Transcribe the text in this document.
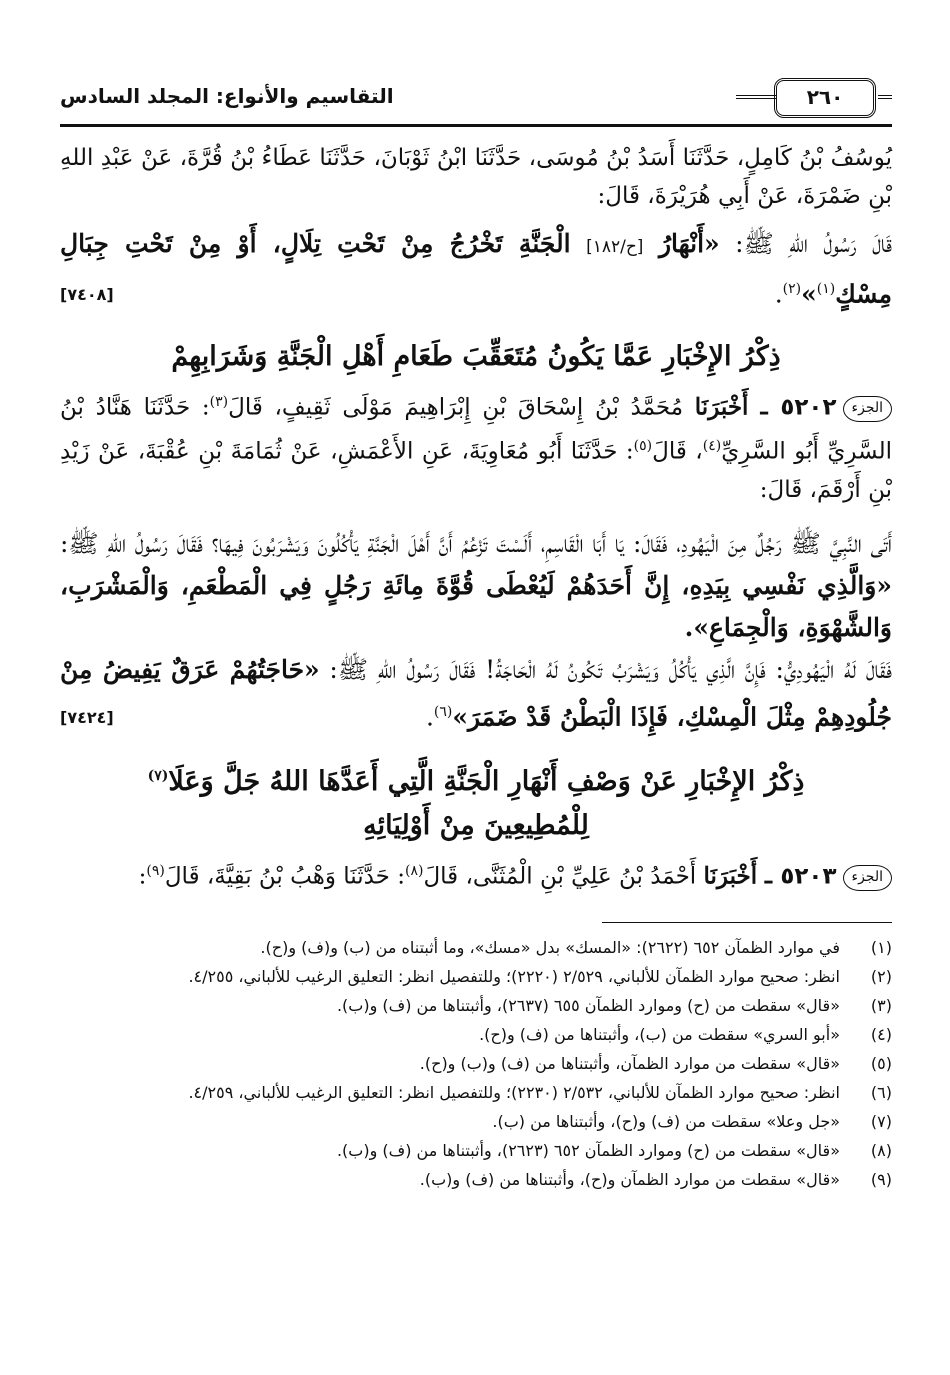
٢٦٠
التقاسيم والأنواع: المجلد السادس

يُوسُفُ بْنُ كَامِلٍ، حَدَّثَنَا أَسَدُ بْنُ مُوسَى، حَدَّثَنَا ابْنُ ثَوْبَانَ، حَدَّثَنَا عَطَاءُ بْنُ قُرَّةَ، عَنْ عَبْدِ اللهِ بْنِ ضَمْرَةَ، عَنْ أَبِي هُرَيْرَةَ، قَالَ:

قَالَ رَسُولُ اللهِ ﷺ: «أَنْهَارُ [ح/١٨٢] الْجَنَّةِ تَخْرُجُ مِنْ تَحْتِ تِلَالٍ، أَوْ مِنْ تَحْتِ جِبَالِ مِسْكٍ$^{(١)}$»$^{(٢)}$.
[٧٤٠٨]

ذِكْرُ الإِخْبَارِ عَمَّا يَكُونُ مُتَعَقِّبَ طَعَامِ أَهْلِ الْجَنَّةِ وَشَرَابِهِمْ

الجزء٥٢٠٢ ـ أَخْبَرَنَا مُحَمَّدُ بْنُ إِسْحَاقَ بْنِ إِبْرَاهِيمَ مَوْلَى ثَقِيفٍ، قَالَ$^{(٣)}$: حَدَّثَنَا هَنَّادُ بْنُ السَّرِيِّ أَبُو السَّرِيِّ$^{(٤)}$، قَالَ$^{(٥)}$: حَدَّثَنَا أَبُو مُعَاوِيَةَ، عَنِ الأَعْمَشِ، عَنْ ثُمَامَةَ بْنِ عُقْبَةَ، عَنْ زَيْدِ بْنِ أَرْقَمَ، قَالَ:

أَتَى النَّبِيَّ ﷺ رَجُلٌ مِنَ الْيَهُودِ، فَقَالَ: يَا أَبَا الْقَاسِمِ، أَلَسْتَ تَزْعُمُ أَنَّ أَهْلَ الْجَنَّةِ يَأْكُلُونَ وَيَشْرَبُونَ فِيهَا؟ فَقَالَ رَسُولُ اللهِ ﷺ: «وَالَّذِي نَفْسِي بِيَدِهِ، إِنَّ أَحَدَهُمْ لَيُعْطَى قُوَّةَ مِائَةِ رَجُلٍ فِي الْمَطْعَمِ، وَالْمَشْرَبِ، وَالشَّهْوَةِ، وَالْجِمَاعِ».

فَقَالَ لَهُ الْيَهُودِيُّ: فَإِنَّ الَّذِي يَأْكُلُ وَيَشْرَبُ تَكُونُ لَهُ الْحَاجَةُ! فَقَالَ رَسُولُ اللهِ ﷺ: «حَاجَتُهُمْ عَرَقٌ يَفِيضُ مِنْ جُلُودِهِمْ مِثْلَ الْمِسْكِ، فَإِذَا الْبَطْنُ قَدْ ضَمَرَ»$^{(٦)}$.
[٧٤٢٤]

ذِكْرُ الإِخْبَارِ عَنْ وَصْفِ أَنْهَارِ الْجَنَّةِ الَّتِي أَعَدَّهَا اللهُ جَلَّ وَعَلَا$^{(٧)}$
لِلْمُطِيعِينَ مِنْ أَوْلِيَائِهِ

الجزء٥٢٠٣ ـ أَخْبَرَنَا أَحْمَدُ بْنُ عَلِيِّ بْنِ الْمُثَنَّى، قَالَ$^{(٨)}$: حَدَّثَنَا وَهْبُ بْنُ بَقِيَّةَ، قَالَ$^{(٩)}$:

(١)
في موارد الظمآن ٦٥٢ (٢٦٢٢): «المسك» بدل «مسك»، وما أثبتناه من (ب) و(ف) و(ح).
(٢)
انظر: صحيح موارد الظمآن للألباني، ٢/٥٢٩ (٢٢٢٠)؛ وللتفصيل انظر: التعليق الرغيب للألباني، ٤/٢٥٥.
(٣)
«قال» سقطت من (ح) وموارد الظمآن ٦٥٥ (٢٦٣٧)، وأثبتناها من (ف) و(ب).
(٤)
«أبو السري» سقطت من (ب)، وأثبتناها من (ف) و(ح).
(٥)
«قال» سقطت من موارد الظمآن، وأثبتناها من (ف) و(ب) و(ح).
(٦)
انظر: صحيح موارد الظمآن للألباني، ٢/٥٣٢ (٢٢٣٠)؛ وللتفصيل انظر: التعليق الرغيب للألباني، ٤/٢٥٩.
(٧)
«جل وعلا» سقطت من (ف) و(ح)، وأثبتناها من (ب).
(٨)
«قال» سقطت من (ح) وموارد الظمآن ٦٥٢ (٢٦٢٣)، وأثبتناها من (ف) و(ب).
(٩)
«قال» سقطت من موارد الظمآن و(ح)، وأثبتناها من (ف) و(ب).
